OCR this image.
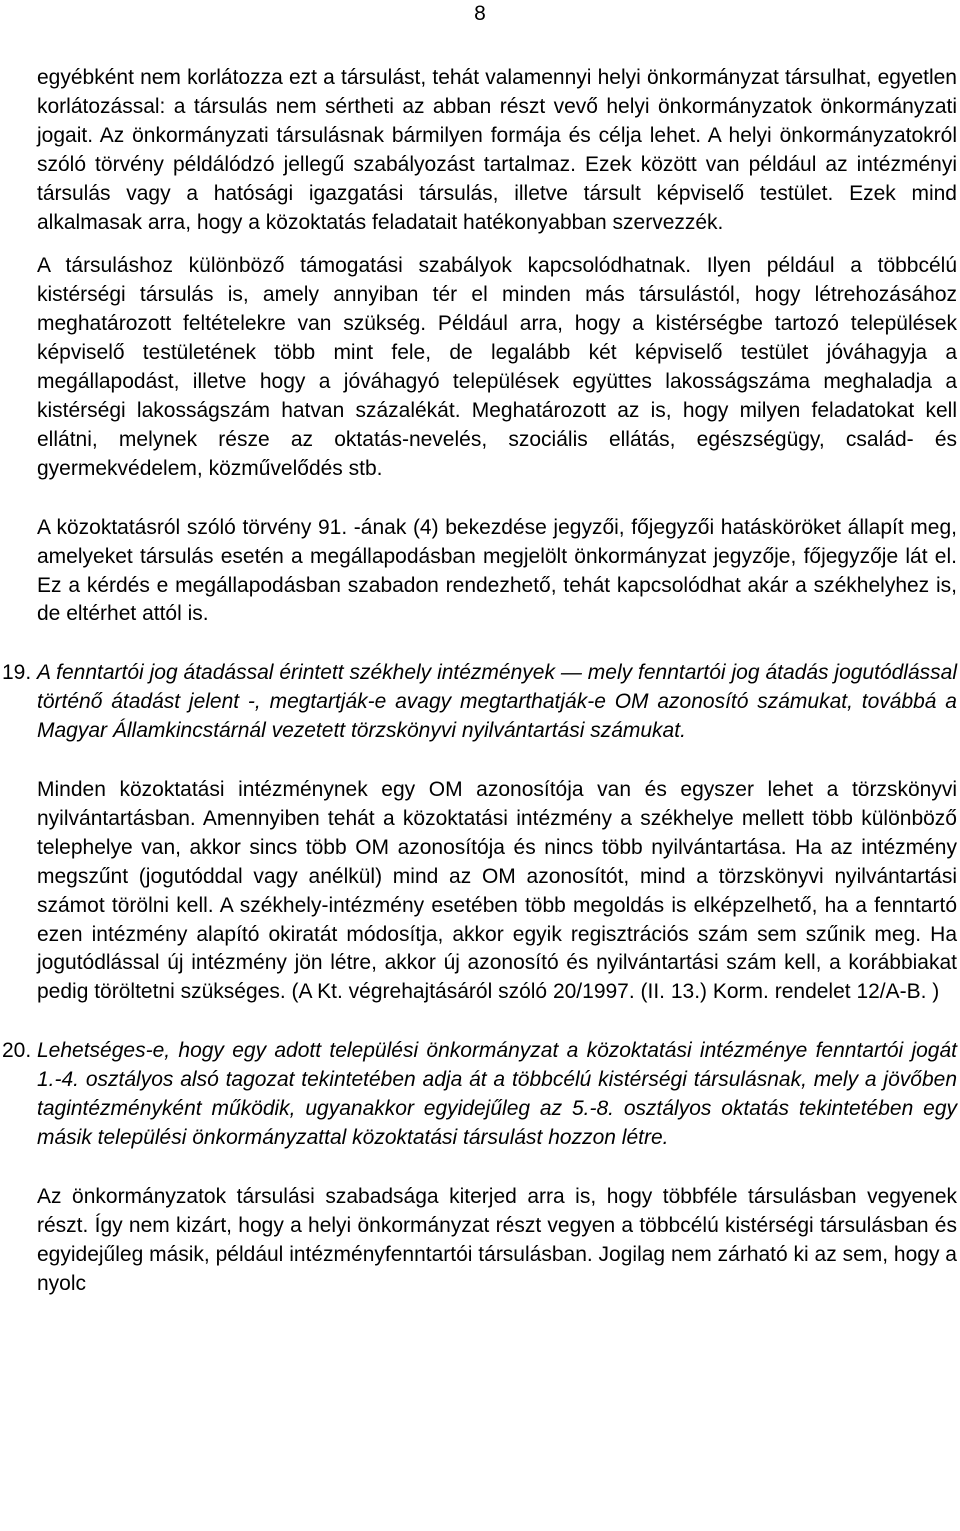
8

egyébként nem korlátozza ezt a társulást, tehát valamennyi helyi önkormányzat társulhat, egyetlen korlátozással: a társulás nem sértheti az abban részt vevő helyi önkormányzatok önkormányzati jogait. Az önkormányzati társulásnak bármilyen formája és célja lehet. A helyi önkormányzatokról szóló törvény példálódzó jellegű szabályozást tartalmaz. Ezek között van például az intézményi társulás vagy a hatósági igazgatási társulás, illetve társult képviselő testület. Ezek mind alkalmasak arra, hogy a közoktatás feladatait hatékonyabban szervezzék.

A társuláshoz különböző támogatási szabályok kapcsolódhatnak. Ilyen például a többcélú kistérségi társulás is, amely annyiban tér el minden más társulástól, hogy létrehozásához meghatározott feltételekre van szükség. Például arra, hogy a kistérségbe tartozó települések képviselő testületének több mint fele, de legalább két képviselő testület jóváhagyja a megállapodást, illetve hogy a jóváhagyó települések együttes lakosságszáma meghaladja a kistérségi lakosságszám hatvan százalékát. Meghatározott az is, hogy milyen feladatokat kell ellátni, melynek része az oktatás-nevelés, szociális ellátás, egészségügy, család- és gyermekvédelem, közművelődés stb.

A közoktatásról szóló törvény 91. -ának (4) bekezdése jegyzői, főjegyzői hatásköröket állapít meg, amelyeket társulás esetén a megállapodásban megjelölt önkormányzat jegyzője, főjegyzője lát el. Ez a kérdés e megállapodásban szabadon rendezhető, tehát kapcsolódhat akár a székhelyhez is, de eltérhet attól is.

19. A fenntartói jog átadással érintett székhely intézmények — mely fenntartói jog átadás jogutódlással történő átadást jelent -, megtartják-e avagy megtarthatják-e OM azonosító számukat, továbbá a Magyar Államkincstárnál vezetett törzskönyvi nyilvántartási számukat.

Minden közoktatási intézménynek egy OM azonosítója van és egyszer lehet a törzskönyvi nyilvántartásban. Amennyiben tehát a közoktatási intézmény a székhelye mellett több különböző telephelye van, akkor sincs több OM azonosítója és nincs több nyilvántartása. Ha az intézmény megszűnt (jogutóddal vagy anélkül) mind az OM azonosítót, mind a törzskönyvi nyilvántartási számot törölni kell. A székhely-intézmény esetében több megoldás is elképzelhető, ha a fenntartó ezen intézmény alapító okiratát módosítja, akkor egyik regisztrációs szám sem szűnik meg. Ha jogutódlással új intézmény jön létre, akkor új azonosító és nyilvántartási szám kell, a korábbiakat pedig töröltetni szükséges. (A Kt. végrehajtásáról szóló 20/1997. (II. 13.) Korm. rendelet 12/A-B. )

20. Lehetséges-e, hogy egy adott települési önkormányzat a közoktatási intézménye fenntartói jogát 1.-4. osztályos alsó tagozat tekintetében adja át a többcélú kistérségi társulásnak, mely a jövőben tagintézményként működik, ugyanakkor egyidejűleg az 5.-8. osztályos oktatás tekintetében egy másik települési önkormányzattal közoktatási társulást hozzon létre.

Az önkormányzatok társulási szabadsága kiterjed arra is, hogy többféle társulásban vegyenek részt. Így nem kizárt, hogy a helyi önkormányzat részt vegyen a többcélú kistérségi társulásban és egyidejűleg másik, például intézményfenntartói társulásban. Jogilag nem zárható ki az sem, hogy a nyolc
